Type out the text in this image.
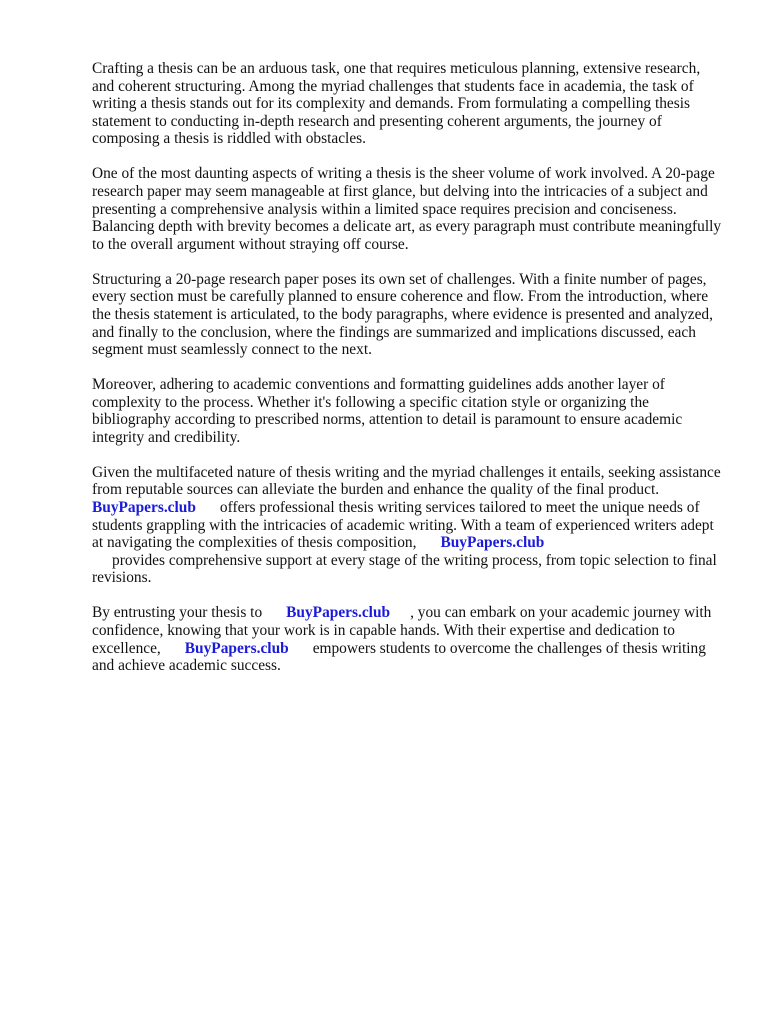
Crafting a thesis can be an arduous task, one that requires meticulous planning, extensive research, and coherent structuring. Among the myriad challenges that students face in academia, the task of writing a thesis stands out for its complexity and demands. From formulating a compelling thesis statement to conducting in-depth research and presenting coherent arguments, the journey of composing a thesis is riddled with obstacles.

One of the most daunting aspects of writing a thesis is the sheer volume of work involved. A 20-page research paper may seem manageable at first glance, but delving into the intricacies of a subject and presenting a comprehensive analysis within a limited space requires precision and conciseness. Balancing depth with brevity becomes a delicate art, as every paragraph must contribute meaningfully to the overall argument without straying off course.

Structuring a 20-page research paper poses its own set of challenges. With a finite number of pages, every section must be carefully planned to ensure coherence and flow. From the introduction, where the thesis statement is articulated, to the body paragraphs, where evidence is presented and analyzed, and finally to the conclusion, where the findings are summarized and implications discussed, each segment must seamlessly connect to the next.

Moreover, adhering to academic conventions and formatting guidelines adds another layer of complexity to the process. Whether it's following a specific citation style or organizing the bibliography according to prescribed norms, attention to detail is paramount to ensure academic integrity and credibility.

Given the multifaceted nature of thesis writing and the myriad challenges it entails, seeking assistance from reputable sources can alleviate the burden and enhance the quality of the final product.BuyPapers.club offers professional thesis writing services tailored to meet the unique needs of students grappling with the intricacies of academic writing. With a team of experienced writers adept at navigating the complexities of thesis composition, BuyPapers.club
provides comprehensive support at every stage of the writing process, from topic selection to final revisions.

By entrusting your thesis to BuyPapers.club , you can embark on your academic journey with confidence, knowing that your work is in capable hands. With their expertise and dedication to excellence, BuyPapers.club empowers students to overcome the challenges of thesis writing and achieve academic success.
